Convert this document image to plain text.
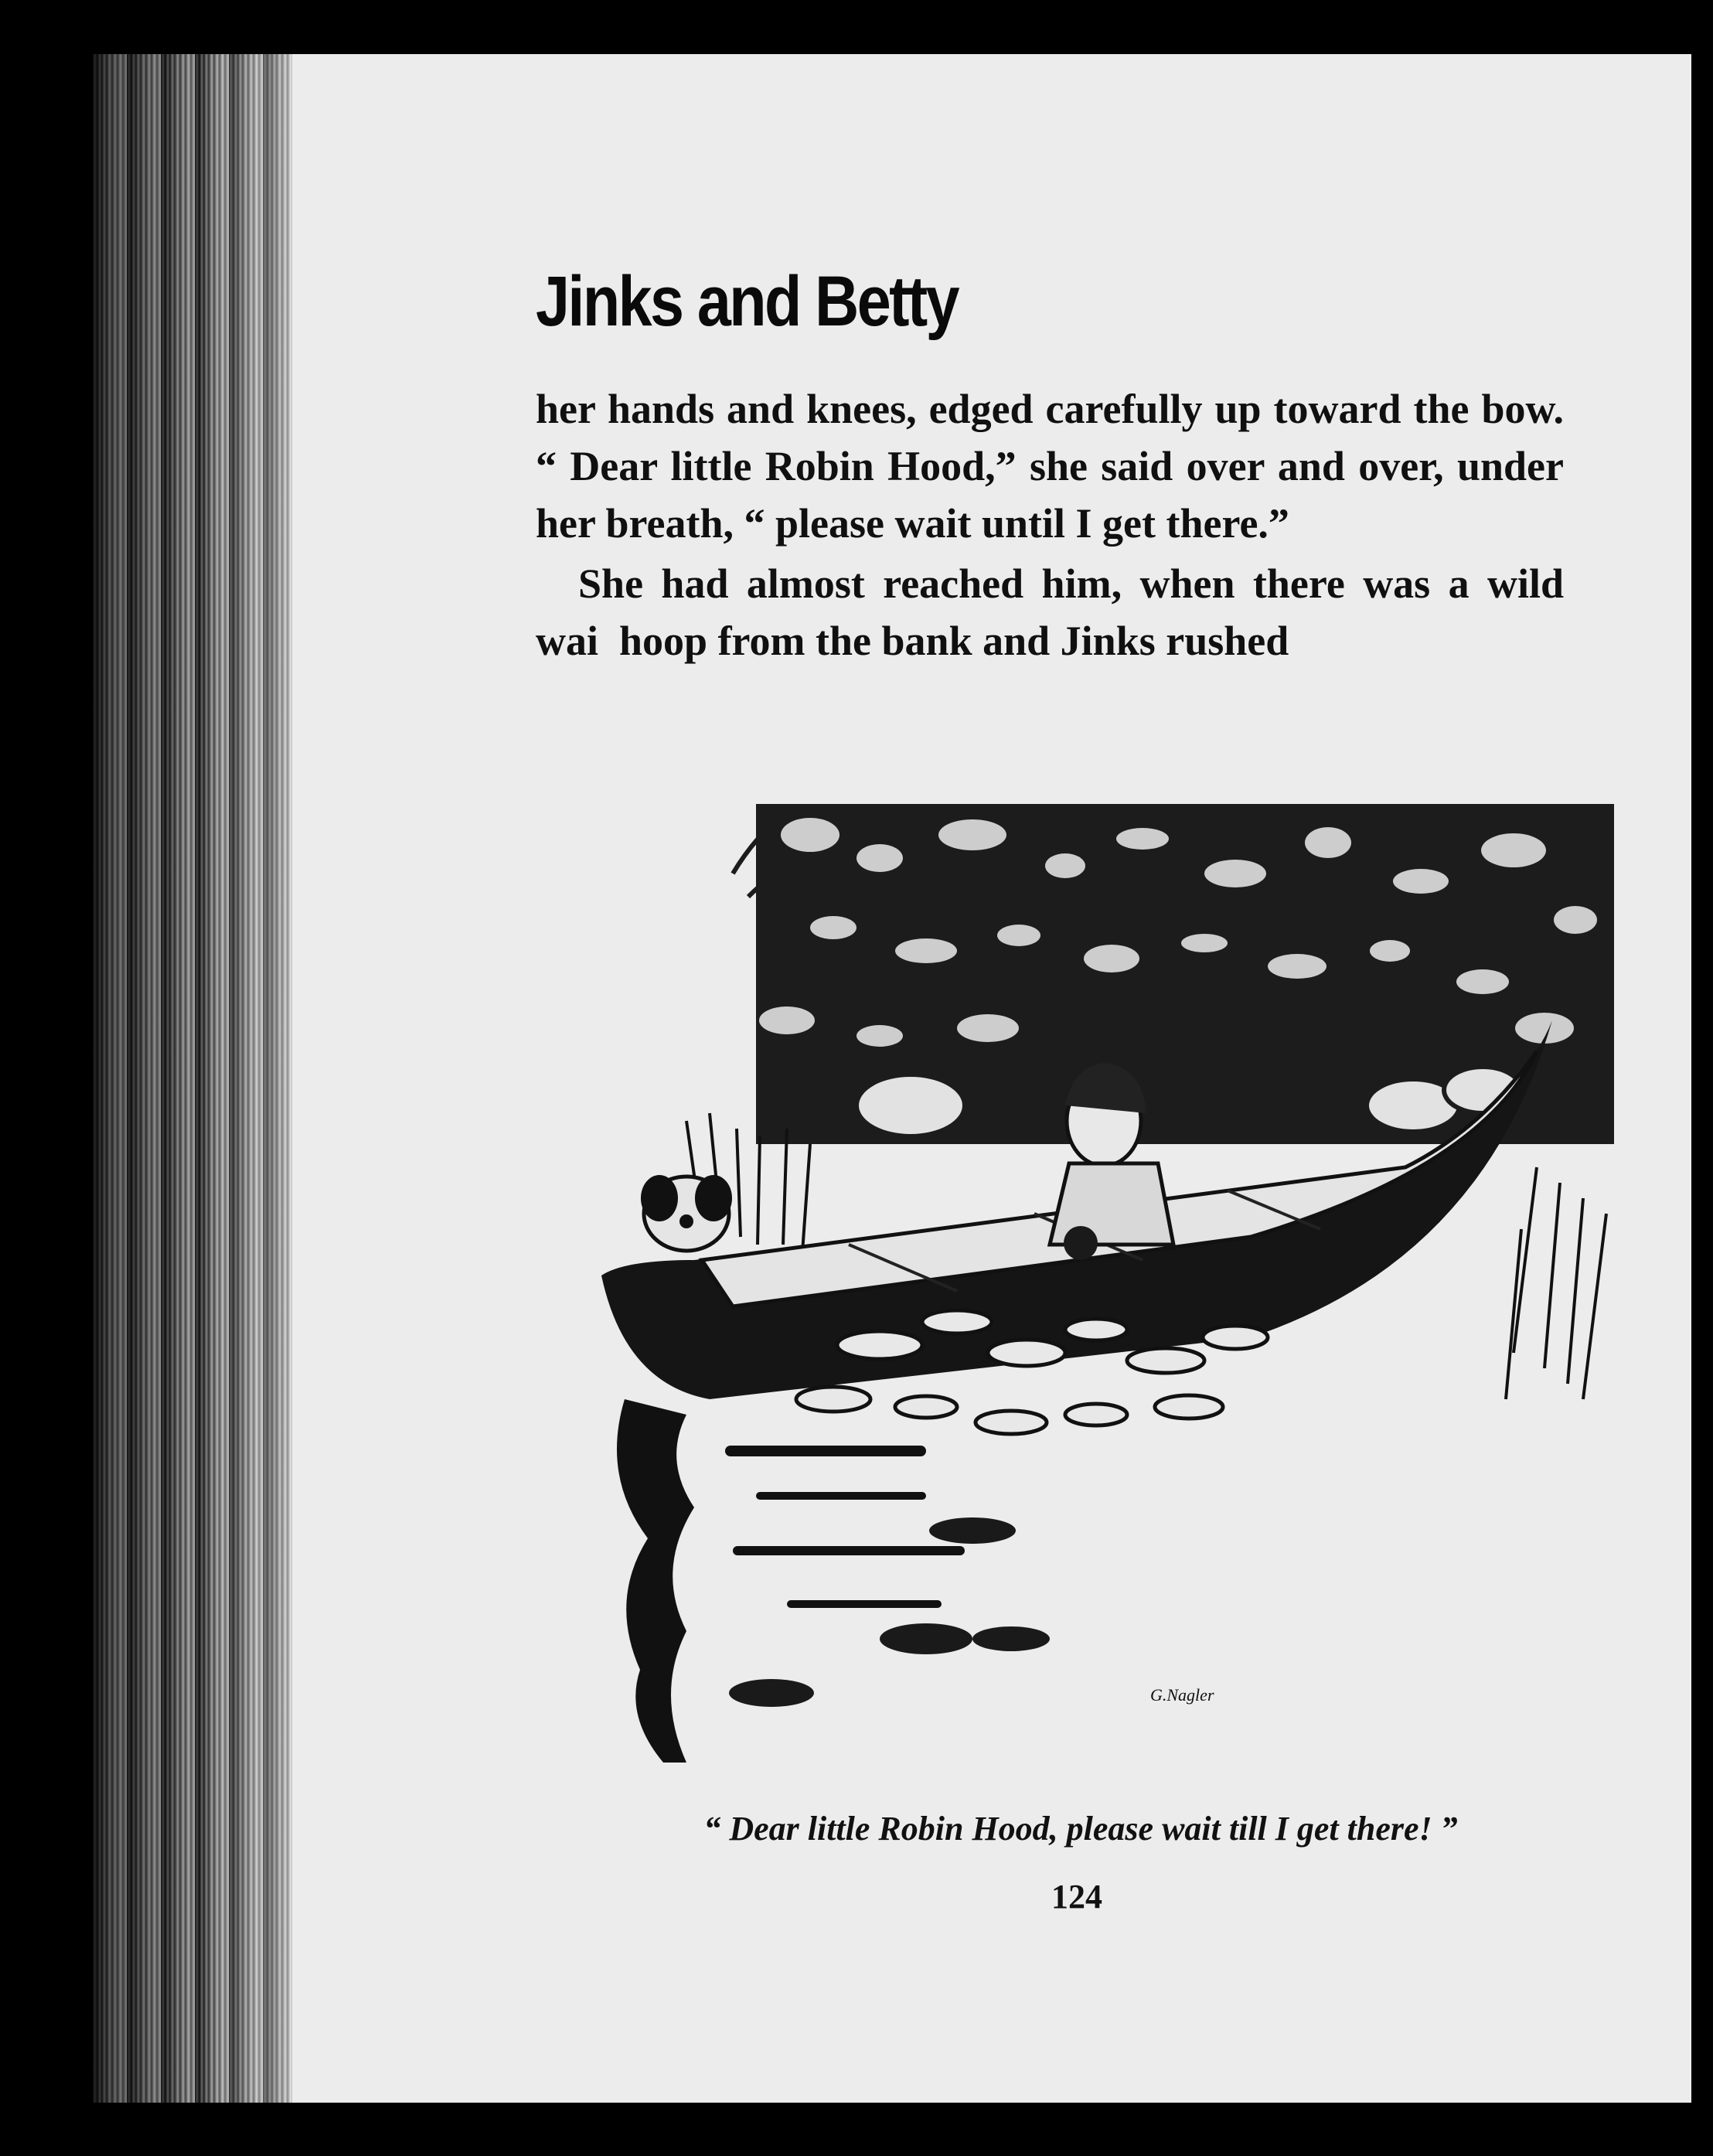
Jinks and Betty

her hands and knees, edged carefully up toward the bow. “ Dear little Robin Hood,” she said over and over, under her breath, “ please wait until I get there.”

She had almost reached him, when there was a wild wai  hoop from the bank and Jinks rushed

G.Nagler
“ Dear little Robin Hood, please wait till I get there! ”
124
